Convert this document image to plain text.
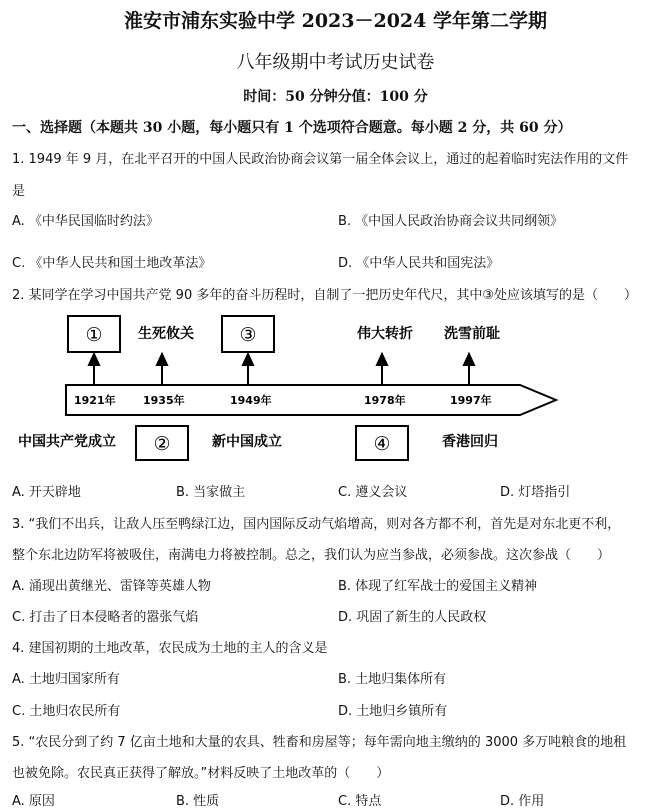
淮安市浦东实验中学 2023－2024 学年第二学期
八年级期中考试历史试卷
时间：50 分钟分值：100 分
一、选择题（本题共 30 小题，每小题只有 1 个选项符合题意。每小题 2 分，共 60 分）
1. 1949 年 9 月，在北平召开的中国人民政治协商会议第一届全体会议上，通过的起着临时宪法作用的文件
是
A. 《中华民国临时约法》	B. 《中国人民政治协商会议共同纲领》
C. 《中华人民共和国土地改革法》	D. 《中华人民共和国宪法》
2. 某同学在学习中国共产党 90 多年的奋斗历程时，自制了一把历史年代尺，其中③处应该填写的是（　　）
①	③
生死攸关	伟大转折 洗雪前耻
1921年 1935年	1949年	1978年	1997年
中国共产党成立 ②	新中国成立	④	香港回归
A. 开天辟地	B. 当家做主	C. 遵义会议	D. 灯塔指引
3. “我们不出兵，让敌人压至鸭绿江边，国内国际反动气焰增高，则对各方都不利，首先是对东北更不利，
整个东北边防军将被吸住，南满电力将被控制。总之，我们认为应当参战，必须参战。这次参战（　　）
A. 涌现出黄继光、雷锋等英雄人物	B. 体现了红军战士的爱国主义精神
C. 打击了日本侵略者的嚣张气焰	D. 巩固了新生的人民政权
4. 建国初期的土地改革，农民成为土地的主人的含义是
A. 土地归国家所有	B. 土地归集体所有
C. 土地归农民所有	D. 土地归乡镇所有
5. “农民分到了约 7 亿亩土地和大量的农具、牲畜和房屋等；每年需向地主缴纳的 3000 多万吨粮食的地租
也被免除。农民真正获得了解放。”材料反映了土地改革的（　　）
A. 原因	B. 性质	C. 特点	D. 作用
